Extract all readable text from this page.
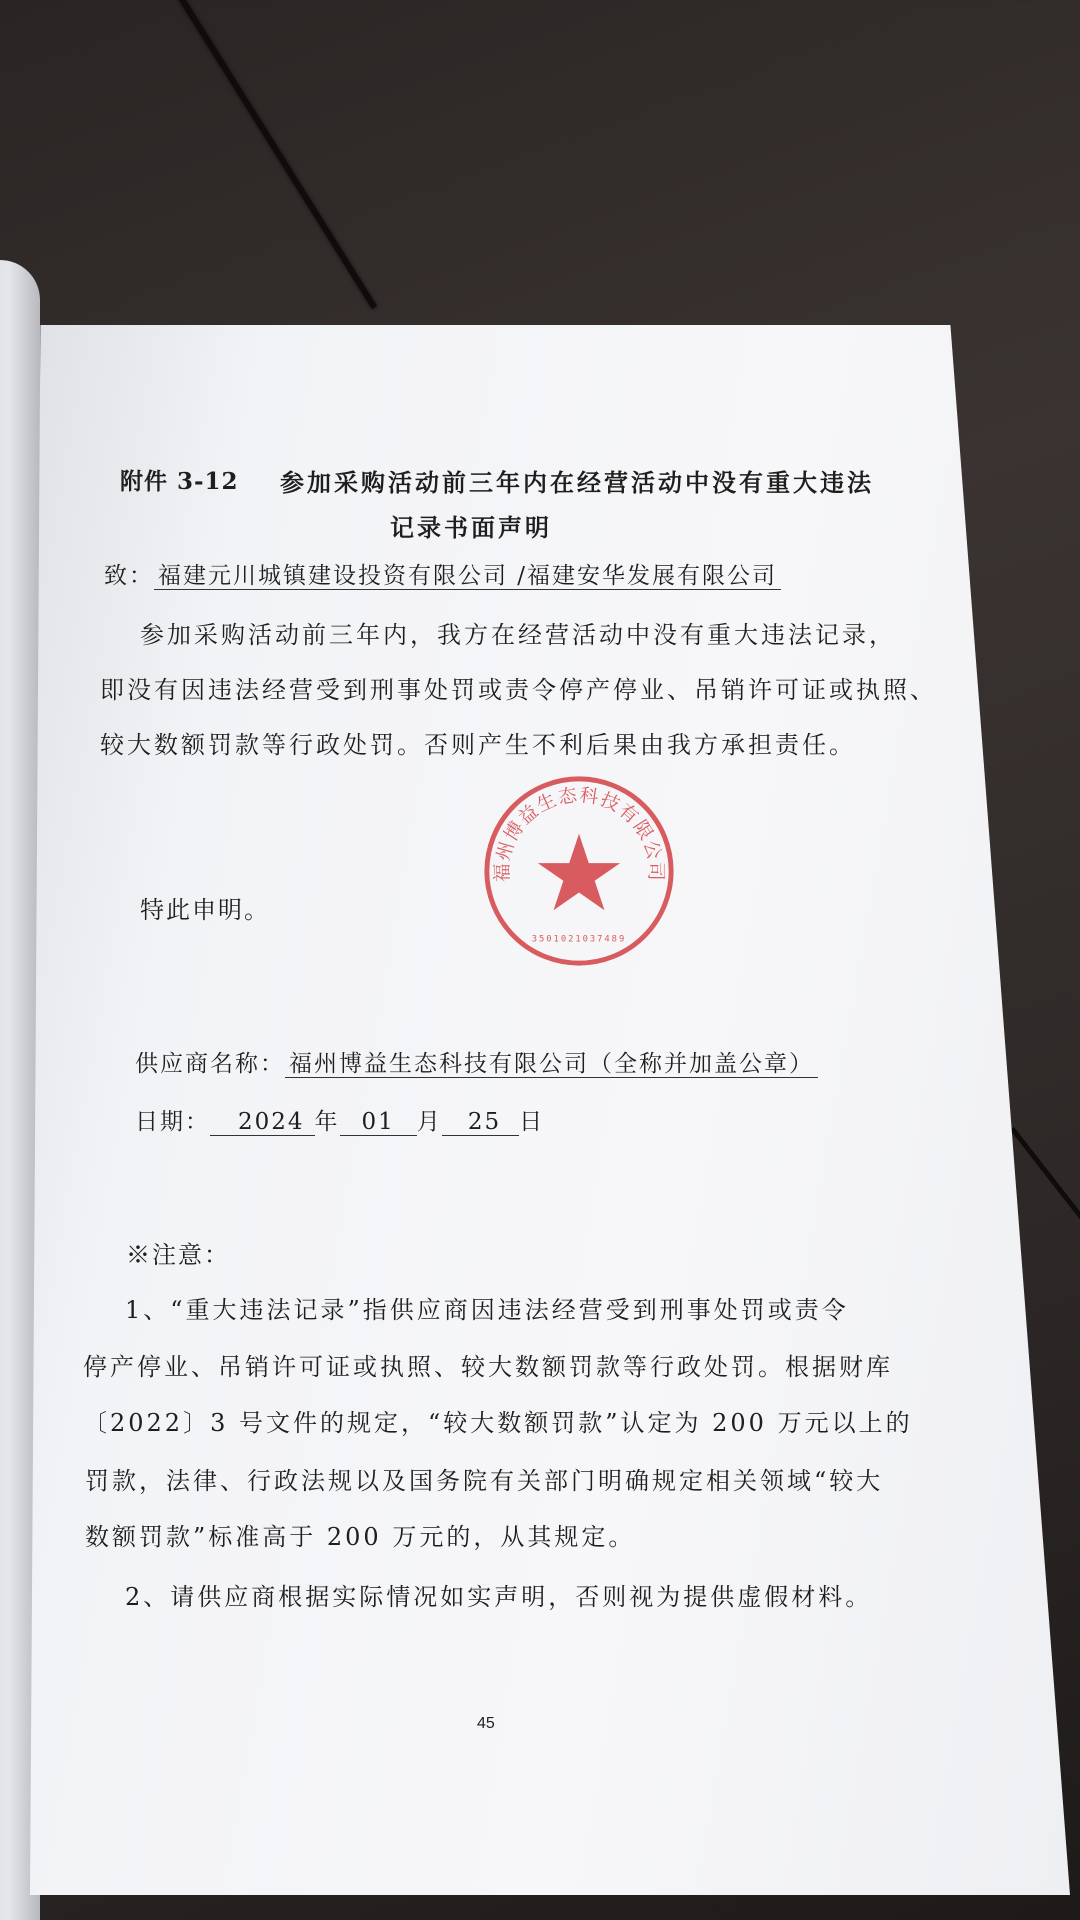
附件 3-12 参加采购活动前三年内在经营活动中没有重大违法
记录书面声明
致： 福建元川城镇建设投资有限公司 /福建安华发展有限公司
参加采购活动前三年内，我方在经营活动中没有重大违法记录，
即没有因违法经营受到刑事处罚或责令停产停业、吊销许可证或执照、
较大数额罚款等行政处罚。否则产生不利后果由我方承担责任。
特此申明。
供应商名称： 福州博益生态科技有限公司（全称并加盖公章）
日期： 2024 年 01 月 25 日
福州博益生态科技有限公司
3501021037489
※注意：
1、“重大违法记录”指供应商因违法经营受到刑事处罚或责令
停产停业、吊销许可证或执照、较大数额罚款等行政处罚。根据财库
〔2022〕3 号文件的规定，“较大数额罚款”认定为 200 万元以上的
罚款，法律、行政法规以及国务院有关部门明确规定相关领域“较大
数额罚款”标准高于 200 万元的，从其规定。
2、请供应商根据实际情况如实声明，否则视为提供虚假材料。
45
